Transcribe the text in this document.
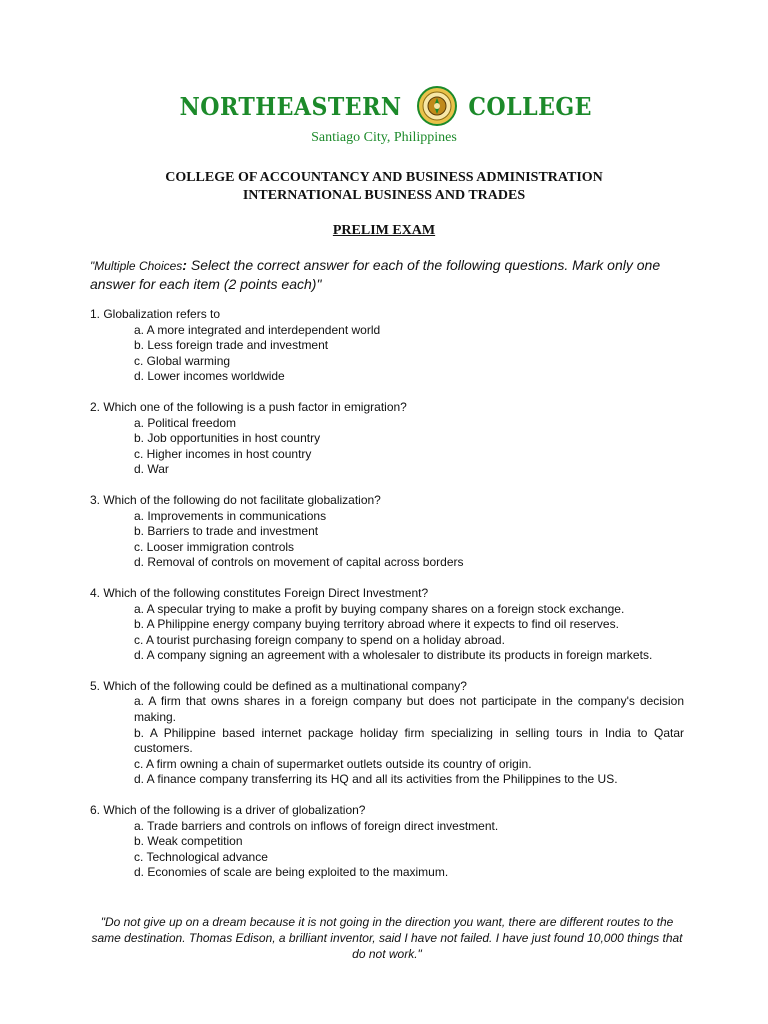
NORTHEASTERN	COLLEGE
Santiago City, Philippines
COLLEGE OF ACCOUNTANCY AND BUSINESS ADMINISTRATION
INTERNATIONAL BUSINESS AND TRADES
PRELIM EXAM
"Multiple Choices: Select the correct answer for each of the following questions. Mark only one answer for each item (2 points each)"
1. Globalization refers to
a. A more integrated and interdependent world
b. Less foreign trade and investment
c. Global warming
d. Lower incomes worldwide
2. Which one of the following is a push factor in emigration?
a. Political freedom
b. Job opportunities in host country
c. Higher incomes in host country
d. War
3. Which of the following do not facilitate globalization?
a. Improvements in communications
b. Barriers to trade and investment
c. Looser immigration controls
d. Removal of controls on movement of capital across borders
4. Which of the following constitutes Foreign Direct Investment?
a. A specular trying to make a profit by buying company shares on a foreign stock exchange.
b. A Philippine energy company buying territory abroad where it expects to find oil reserves.
c. A tourist purchasing foreign company to spend on a holiday abroad.
d. A company signing an agreement with a wholesaler to distribute its products in foreign markets.
5. Which of the following could be defined as a multinational company?
a. A firm that owns shares in a foreign company but does not participate in the company's decision making.
b. A Philippine based internet package holiday firm specializing in selling tours in India to Qatar customers.
c. A firm owning a chain of supermarket outlets outside its country of origin.
d. A finance company transferring its HQ and all its activities from the Philippines to the US.
6. Which of the following is a driver of globalization?
a. Trade barriers and controls on inflows of foreign direct investment.
b. Weak competition
c. Technological advance
d. Economies of scale are being exploited to the maximum.
"Do not give up on a dream because it is not going in the direction you want, there are different routes to the same destination. Thomas Edison, a brilliant inventor, said I have not failed. I have just found 10,000 things that do not work."
